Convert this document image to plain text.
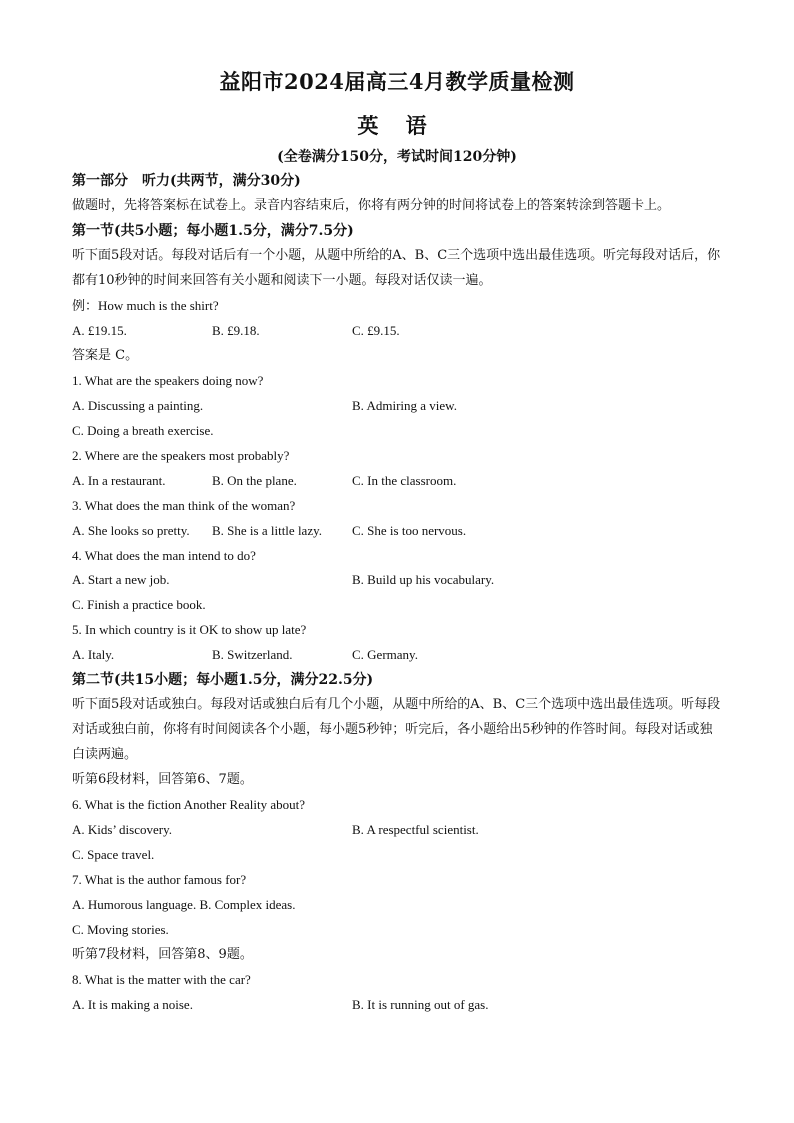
益阳市2024届高三4月教学质量检测
英 语
(全卷满分150分，考试时间120分钟)
第一部分　听力(共两节，满分30分)
做题时，先将答案标在试卷上。录音内容结束后，你将有两分钟的时间将试卷上的答案转涂到答题卡上。
第一节(共5小题；每小题1.5分，满分7.5分)
听下面5段对话。每段对话后有一个小题，从题中所给的A、B、C三个选项中选出最佳选项。听完每段对话后，你都有10秒钟的时间来回答有关小题和阅读下一小题。每段对话仅读一遍。
例：How much is the shirt?
A. £19.15.	B. £9.18.	C. £9.15.
答案是 C。
1. What are the speakers doing now?
A. Discussing a painting.	B. Admiring a view.
C. Doing a breath exercise.
2. Where are the speakers most probably?
A. In a restaurant.	B. On the plane.	C. In the classroom.
3. What does the man think of the woman?
A. She looks so pretty. B. She is a little lazy. C. She is too nervous.
4. What does the man intend to do?
A. Start a new job.	B. Build up his vocabulary.
C. Finish a practice book.
5. In which country is it OK to show up late?
A. Italy.	B. Switzerland.	C. Germany.
第二节(共15小题；每小题1.5分，满分22.5分)
听下面5段对话或独白。每段对话或独白后有几个小题，从题中所给的A、B、C三个选项中选出最佳选项。听每段对话或独白前，你将有时间阅读各个小题，每小题5秒钟；听完后，各小题给出5秒钟的作答时间。每段对话或独白读两遍。
听第6段材料，回答第6、7题。
6. What is the fiction Another Reality about?
A. Kids’ discovery.	B. A respectful scientist.
C. Space travel.
7. What is the author famous for?
A. Humorous language. B. Complex ideas.
C. Moving stories.
听第7段材料，回答第8、9题。
8. What is the matter with the car?
A. It is making a noise.	B. It is running out of gas.
